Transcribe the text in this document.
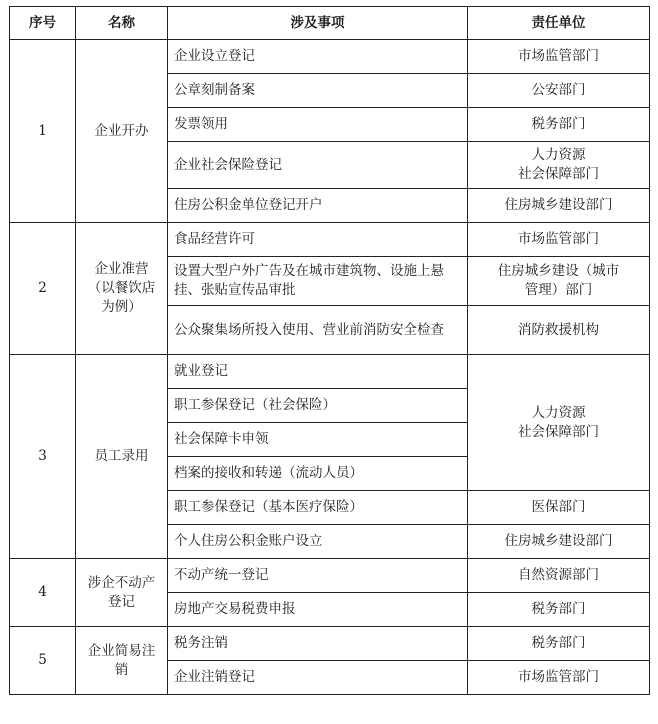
序号	名称	涉及事项	责任单位
1	企业开办	企业设立登记	市场监管部门
		公章刻制备案	公安部门
		发票领用	税务部门
		企业社会保险登记	人力资源
社会保障部门
		住房公积金单位登记开户	住房城乡建设部门
2	企业准营（以餐饮店为例）	食品经营许可	市场监管部门
		设置大型户外广告及在城市建筑物、设施上悬挂、张贴宣传品审批	住房城乡建设（城市
管理）部门
		公众聚集场所投入使用、营业前消防安全检查	消防救援机构
3	员工录用	就业登记	人力资源
社会保障部门
		职工参保登记（社会保险）	
		社会保障卡申领	
		档案的接收和转递（流动人员）	
		职工参保登记（基本医疗保险）	医保部门
		个人住房公积金账户设立	住房城乡建设部门
4	涉企不动产登记	不动产统一登记	自然资源部门
		房地产交易税费申报	税务部门
5	企业简易注销	税务注销	税务部门
		企业注销登记	市场监管部门
